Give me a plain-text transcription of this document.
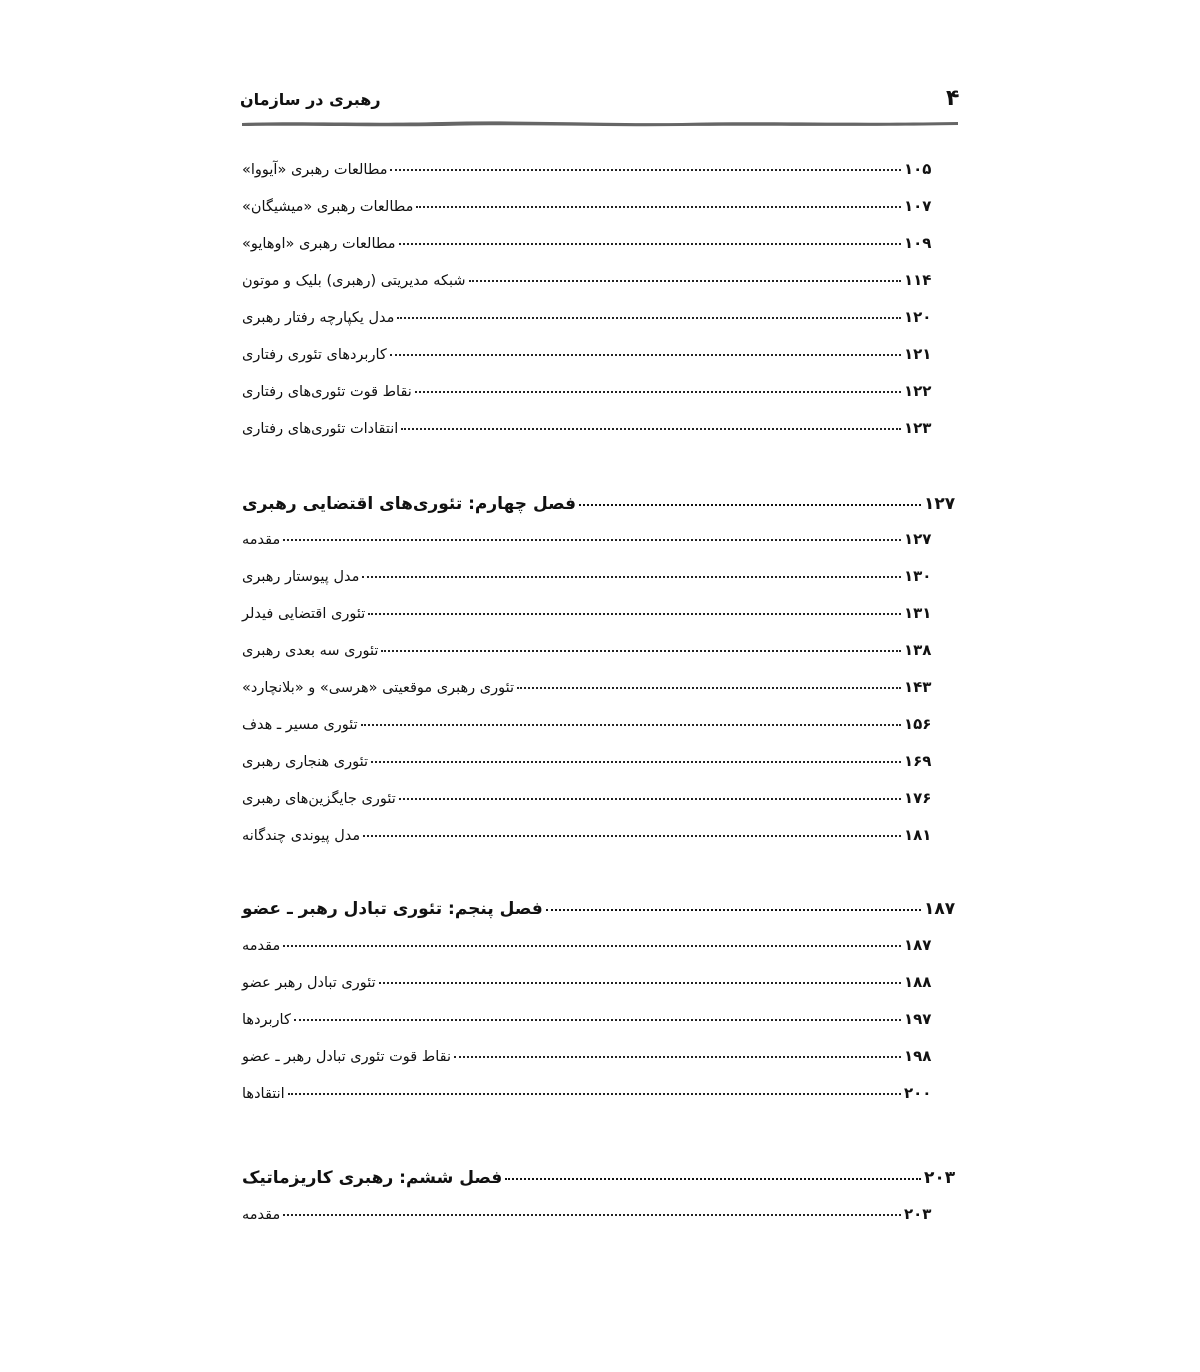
۴
رهبری در سازمان
مطالعات رهبری «آیووا»	۱۰۵
مطالعات رهبری «میشیگان»	۱۰۷
مطالعات رهبری «اوهایو»	۱۰۹
شبکه مدیریتی (رهبری) بلیک و موتون	۱۱۴
مدل یکپارچه رفتار رهبری	۱۲۰
کاربردهای تئوری رفتاری	۱۲۱
نقاط قوت تئوری‌های رفتاری	۱۲۲
انتقادات تئوری‌های رفتاری	۱۲۳
فصل چهارم: تئوری‌های اقتضایی رهبری	۱۲۷
مقدمه	۱۲۷
مدل پیوستار رهبری	۱۳۰
تئوری اقتضایی فیدلر	۱۳۱
تئوری سه بعدی رهبری	۱۳۸
تئوری رهبری موقعیتی «هرسی» و «بلانچارد»	۱۴۳
تئوری مسیر ـ هدف	۱۵۶
تئوری هنجاری رهبری	۱۶۹
تئوری جایگزین‌های رهبری	۱۷۶
مدل پیوندی چندگانه	۱۸۱
فصل پنجم: تئوری تبادل رهبر ـ عضو	۱۸۷
مقدمه	۱۸۷
تئوری تبادل رهبر عضو	۱۸۸
کاربردها	۱۹۷
نقاط قوت تئوری تبادل رهبر ـ عضو	۱۹۸
انتقادها	۲۰۰
فصل ششم: رهبری کاریزماتیک	۲۰۳
مقدمه	۲۰۳
